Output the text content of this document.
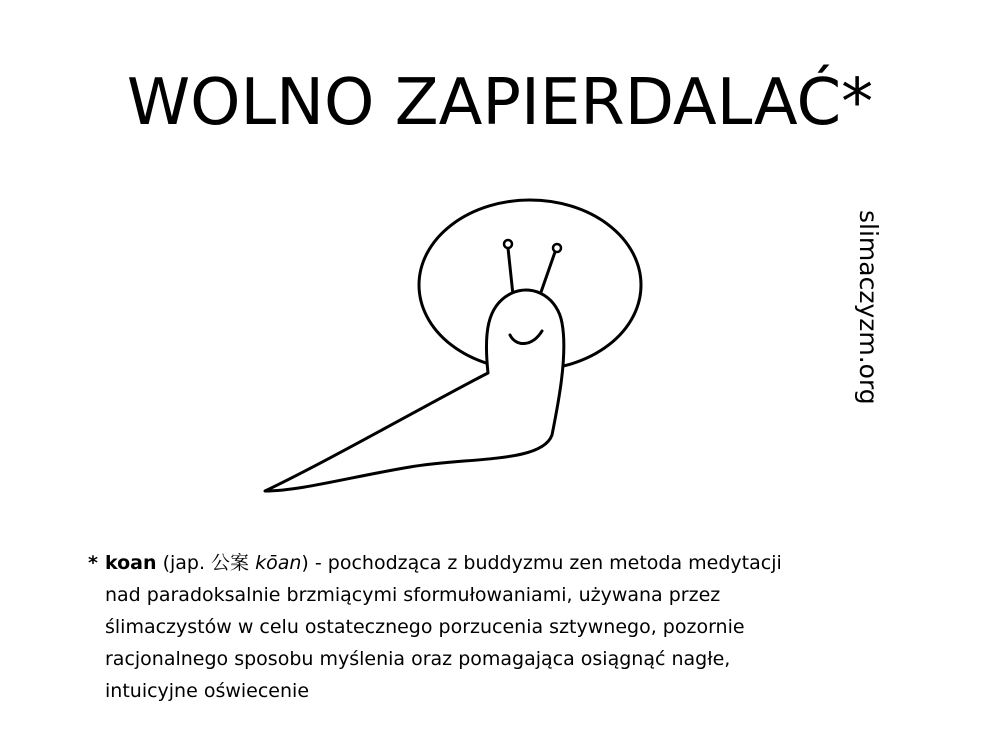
WOLNO ZAPIERDALAĆ*
slimaczyzm.org
* koan (jap. 公案 kōan) - pochodząca z buddyzmu zen metoda medytacji
nad paradoksalnie brzmiącymi sformułowaniami, używana przez
ślimaczystów w celu ostatecznego porzucenia sztywnego, pozornie
racjonalnego sposobu myślenia oraz pomagająca osiągnąć nagłe,
intuicyjne oświecenie
